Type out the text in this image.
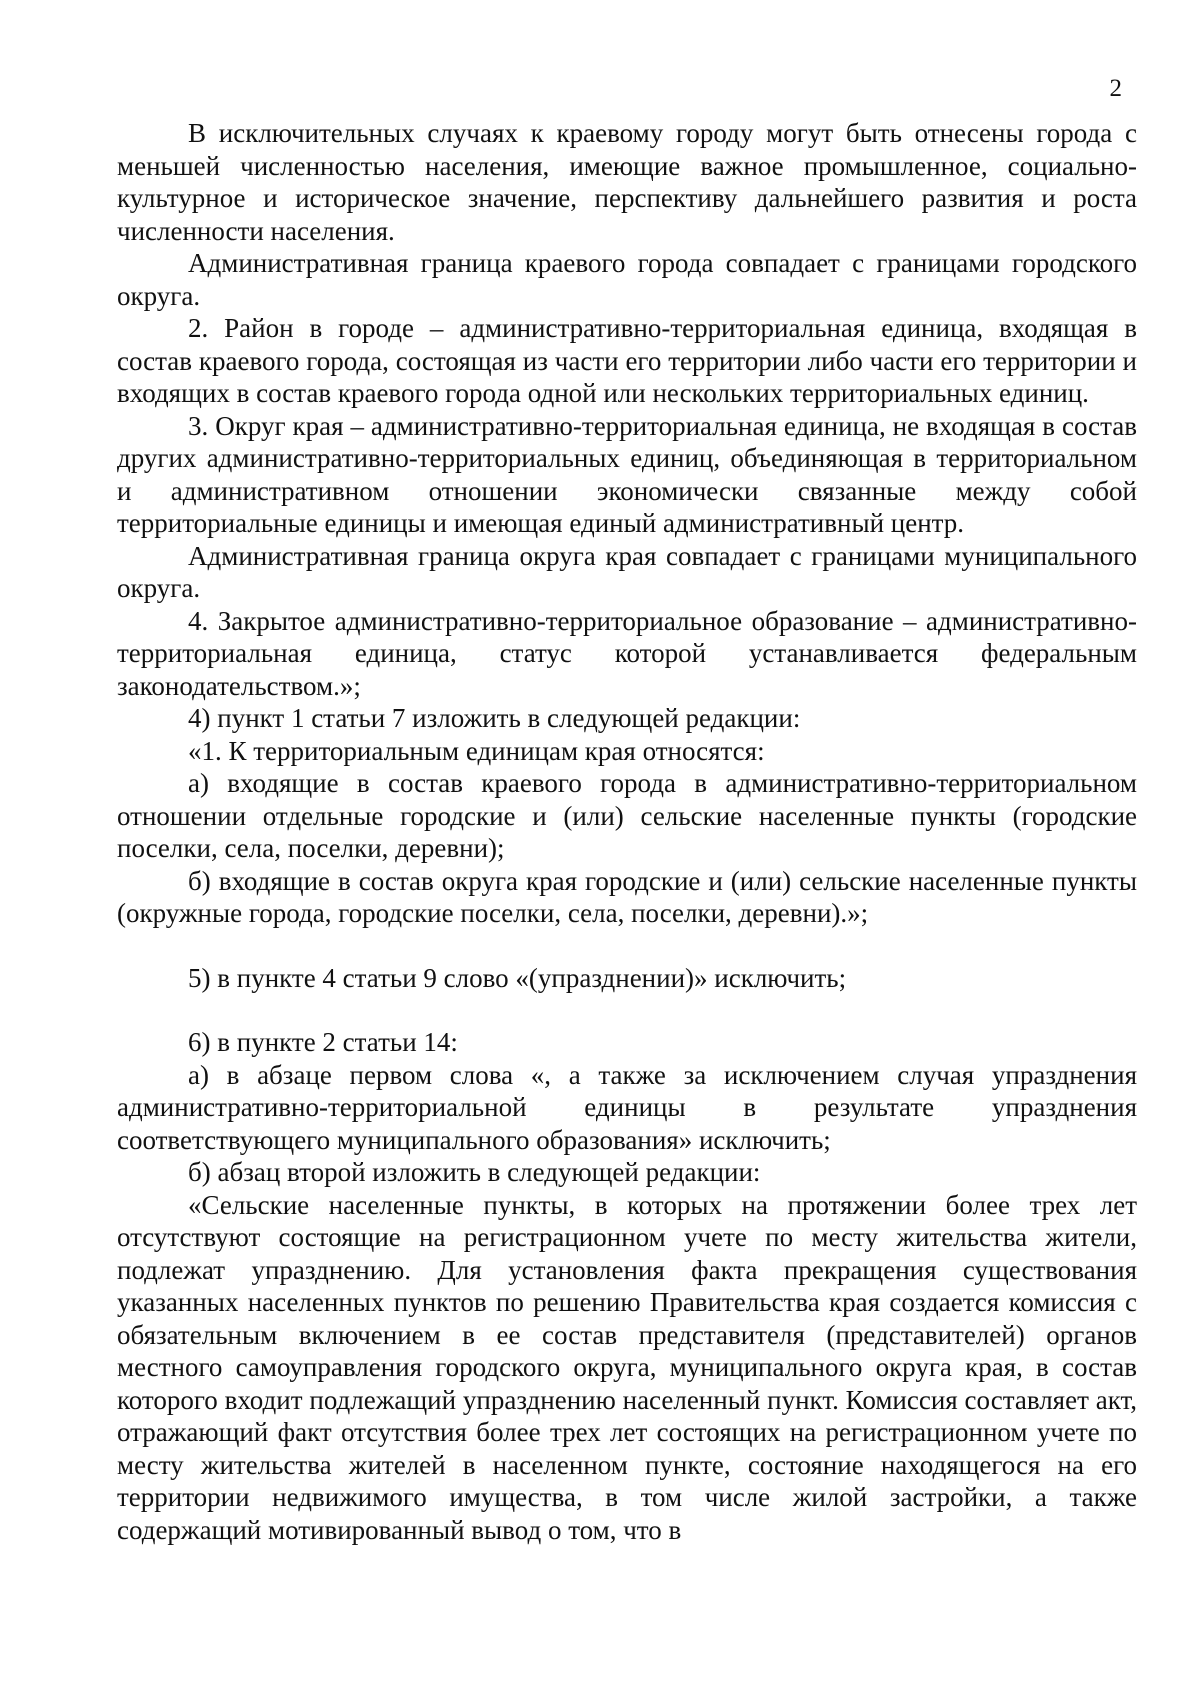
2

В исключительных случаях к краевому городу могут быть отнесены города с меньшей численностью населения, имеющие важное промышленное, социально-культурное и историческое значение, перспективу дальнейшего развития и роста численности населения.

Административная граница краевого города совпадает с границами городского округа.

2. Район в городе – административно-территориальная единица, входящая в состав краевого города, состоящая из части его территории либо части его территории и входящих в состав краевого города одной или нескольких территориальных единиц.

3. Округ края – административно-территориальная единица, не входящая в состав других административно-территориальных единиц, объединяющая в территориальном и административном отношении экономически связанные между собой территориальные единицы и имеющая единый административный центр.

Административная граница округа края совпадает с границами муниципального округа.

4. Закрытое административно-территориальное образование – административно-территориальная единица, статус которой устанавливается федеральным законодательством.»;

4) пункт 1 статьи 7 изложить в следующей редакции:

«1. К территориальным единицам края относятся:

а) входящие в состав краевого города в административно-территориальном отношении отдельные городские и (или) сельские населенные пункты (городские поселки, села, поселки, деревни);

б) входящие в состав округа края городские и (или) сельские населенные пункты (окружные города, городские поселки, села, поселки, деревни).»;

5) в пункте 4 статьи 9 слово «(упразднении)» исключить;

6) в пункте 2 статьи 14:

а) в абзаце первом слова «, а также за исключением случая упразднения административно-территориальной единицы в результате упразднения соответствующего муниципального образования» исключить;

б) абзац второй изложить в следующей редакции:

«Сельские населенные пункты, в которых на протяжении более трех лет отсутствуют состоящие на регистрационном учете по месту жительства жители, подлежат упразднению. Для установления факта прекращения существования указанных населенных пунктов по решению Правительства края создается комиссия с обязательным включением в ее состав представителя (представителей) органов местного самоуправления городского округа, муниципального округа края, в состав которого входит подлежащий упразднению населенный пункт. Комиссия составляет акт, отражающий факт отсутствия более трех лет состоящих на регистрационном учете по месту жительства жителей в населенном пункте, состояние находящегося на его территории недвижимого имущества, в том числе жилой застройки, а также содержащий мотивированный вывод о том, что в
